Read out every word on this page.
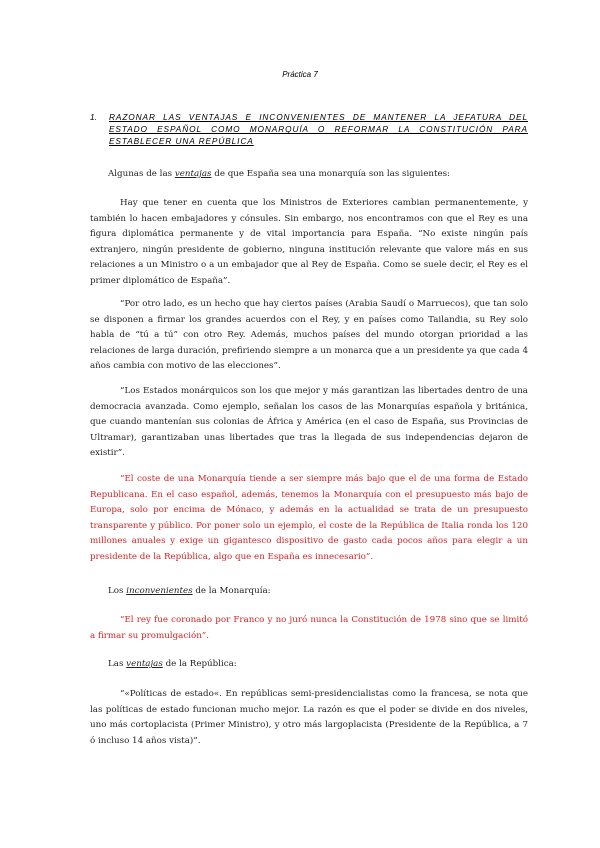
Práctica 7
1. RAZONAR LAS VENTAJAS E INCONVENIENTES DE MANTENER LA JEFATURA DEL ESTADO ESPAÑOL COMO MONARQUÍA O REFORMAR LA CONSTITUCIÓN PARA ESTABLECER UNA REPÚBLICA
Algunas de las ventajas de que España sea una monarquía son las siguientes:
Hay que tener en cuenta que los Ministros de Exteriores cambian permanentemente, y también lo hacen embajadores y cónsules. Sin embargo, nos encontramos con que el Rey es una figura diplomática permanente y de vital importancia para España. “No existe ningún país extranjero, ningún presidente de gobierno, ninguna institución relevante que valore más en sus relaciones a un Ministro o a un embajador que al Rey de España. Como se suele decir, el Rey es el primer diplomático de España”.
“Por otro lado, es un hecho que hay ciertos países (Arabia Saudí o Marruecos), que tan solo se disponen a firmar los grandes acuerdos con el Rey, y en países como Tailandia, su Rey solo habla de “tú a tú” con otro Rey. Además, muchos países del mundo otorgan prioridad a las relaciones de larga duración, prefiriendo siempre a un monarca que a un presidente ya que cada 4 años cambia con motivo de las elecciones”.
“Los Estados monárquicos son los que mejor y más garantizan las libertades dentro de una democracia avanzada. Como ejemplo, señalan los casos de las Monarquías española y británica, que cuando mantenían sus colonias de África y América (en el caso de España, sus Provincias de Ultramar), garantizaban unas libertades que tras la llegada de sus independencias dejaron de existir”.
“El coste de una Monarquía tiende a ser siempre más bajo que el de una forma de Estado Republicana. En el caso español, además, tenemos la Monarquía con el presupuesto más bajo de Europa, solo por encima de Mónaco, y además en la actualidad se trata de un presupuesto transparente y público. Por poner solo un ejemplo, el coste de la República de Italia ronda los 120 millones anuales y exige un gigantesco dispositivo de gasto cada pocos años para elegir a un presidente de la República, algo que en España es innecesario”.
Los inconvenientes de la Monarquía:
“El rey fue coronado por Franco y no juró nunca la Constitución de 1978 sino que se limitó a firmar su promulgación”.
Las ventajas de la República:
“«Políticas de estado«. En repúblicas semi-presidencialistas como la francesa, se nota que las políticas de estado funcionan mucho mejor. La razón es que el poder se divide en dos niveles, uno más cortoplacista (Primer Ministro), y otro más largoplacista (Presidente de la República, a 7 ó incluso 14 años vista)”.
